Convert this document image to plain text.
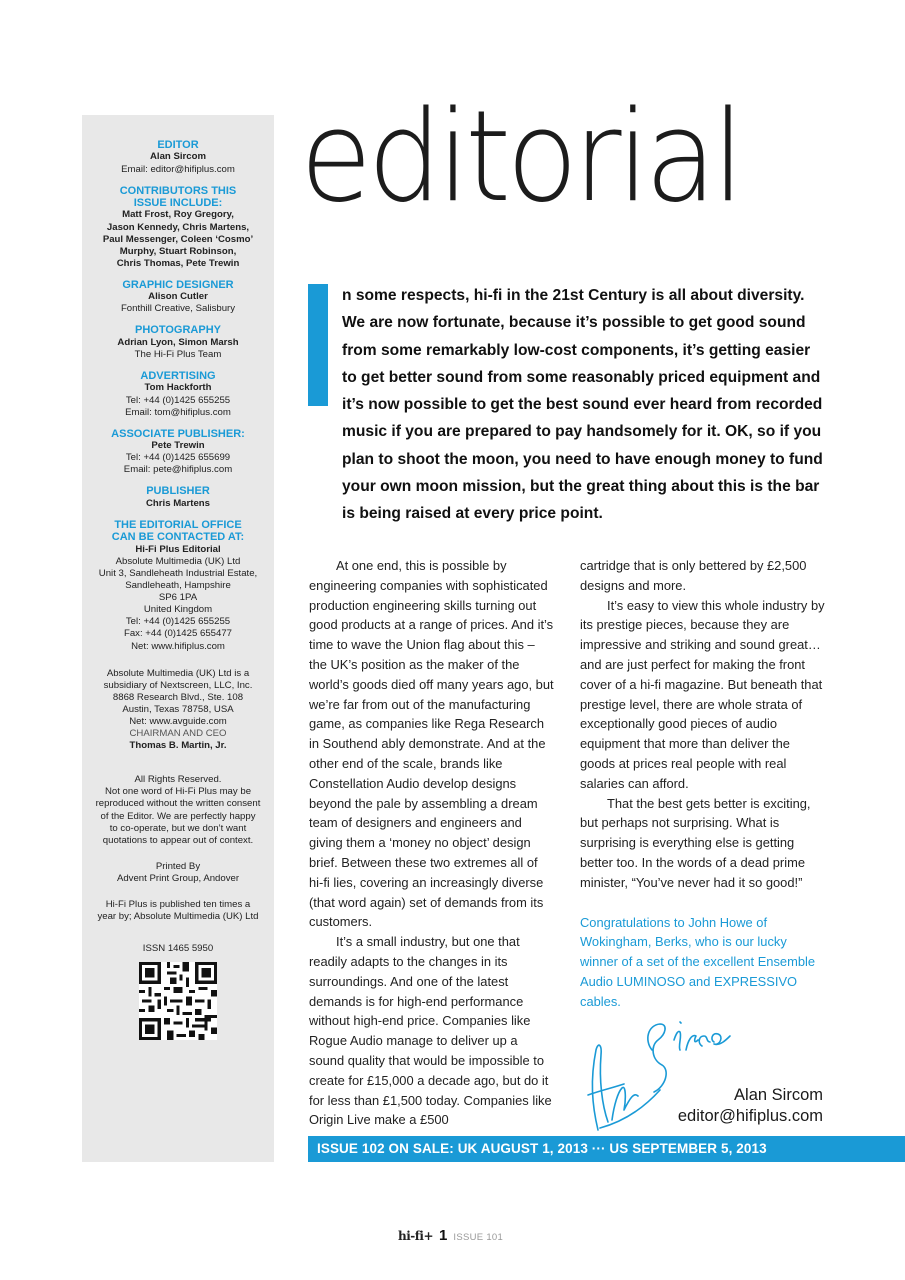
EDITOR
Alan Sircom
Email: editor@hifiplus.com
CONTRIBUTORS THIS
ISSUE INCLUDE:
Matt Frost, Roy Gregory,
Jason Kennedy, Chris Martens,
Paul Messenger, Coleen ‘Cosmo’
Murphy, Stuart Robinson,
Chris Thomas, Pete Trewin
GRAPHIC DESIGNER
Alison Cutler
Fonthill Creative, Salisbury
PHOTOGRAPHY
Adrian Lyon, Simon Marsh
The Hi-Fi Plus Team
ADVERTISING
Tom Hackforth
Tel: +44 (0)1425 655255
Email: tom@hifiplus.com
ASSOCIATE PUBLISHER:
Pete Trewin
Tel: +44 (0)1425 655699
Email: pete@hifiplus.com
PUBLISHER
Chris Martens
THE EDITORIAL OFFICE
CAN BE CONTACTED AT:
Hi-Fi Plus Editorial
Absolute Multimedia (UK) Ltd
Unit 3, Sandleheath Industrial Estate,
Sandleheath, Hampshire
SP6 1PA
United Kingdom
Tel: +44 (0)1425 655255
Fax: +44 (0)1425 655477
Net: www.hifiplus.com
Absolute Multimedia (UK) Ltd is a
subsidiary of Nextscreen, LLC, Inc.
8868 Research Blvd., Ste. 108
Austin, Texas 78758, USA
Net: www.avguide.com
CHAIRMAN AND CEO
Thomas B. Martin, Jr.
All Rights Reserved.
Not one word of Hi-Fi Plus may be
reproduced without the written consent
of the Editor. We are perfectly happy
to co-operate, but we don’t want
quotations to appear out of context.
Printed By
Advent Print Group, Andover
Hi-Fi Plus is published ten times a
year by; Absolute Multimedia (UK) Ltd
ISSN 1465 5950
editorial

n some respects, hi-fi in the 21st Century is all about diversity.
We are now fortunate, because it’s possible to get good sound from some remarkably low-cost components, it’s getting easier to get better sound from some reasonably priced equipment and it’s now possible to get the best sound ever heard from recorded music if you are prepared to pay handsomely for it. OK, so if you plan to shoot the moon, you need to have enough money to fund your own moon mission, but the great thing about this is the bar is being raised at every price point.

At one end, this is possible by engineering companies with sophisticated production engineering skills turning out good products at a range of prices. And it’s time to wave the Union flag about this – the UK’s position as the maker of the world’s goods died off many years ago, but we’re far from out of the manufacturing game, as companies like Rega Research in Southend ably demonstrate. And at the other end of the scale, brands like Constellation Audio develop designs beyond the pale by assembling a dream team of designers and engineers and giving them a ‘money no object’ design brief. Between these two extremes all of hi-fi lies, covering an increasingly diverse (that word again) set of demands from its customers.

It’s a small industry, but one that readily adapts to the changes in its surroundings. And one of the latest demands is for high-end performance without high-end price. Companies like Rogue Audio manage to deliver up a sound quality that would be impossible to create for £15,000 a decade ago, but do it for less than £1,500 today. Companies like Origin Live make a £500

cartridge that is only bettered by £2,500 designs and more.

It’s easy to view this whole industry by its prestige pieces, because they are impressive and striking and sound great… and are just perfect for making the front cover of a hi-fi magazine. But beneath that prestige level, there are whole strata of exceptionally good pieces of audio equipment that more than deliver the goods at prices real people with real salaries can afford.

That the best gets better is exciting, but perhaps not surprising. What is surprising is everything else is getting better too. In the words of a dead prime minister, “You’ve never had it so good!”

Congratulations to John Howe of Wokingham, Berks, who is our lucky winner of a set of the excellent Ensemble Audio LUMINOSO and EXPRESSIVO cables.

Alan Sircom
editor@hifiplus.com
ISSUE 102 ON SALE: UK AUGUST 1, 2013 ··· US SEPTEMBER 5, 2013
hi-fi+ 1 ISSUE 101
